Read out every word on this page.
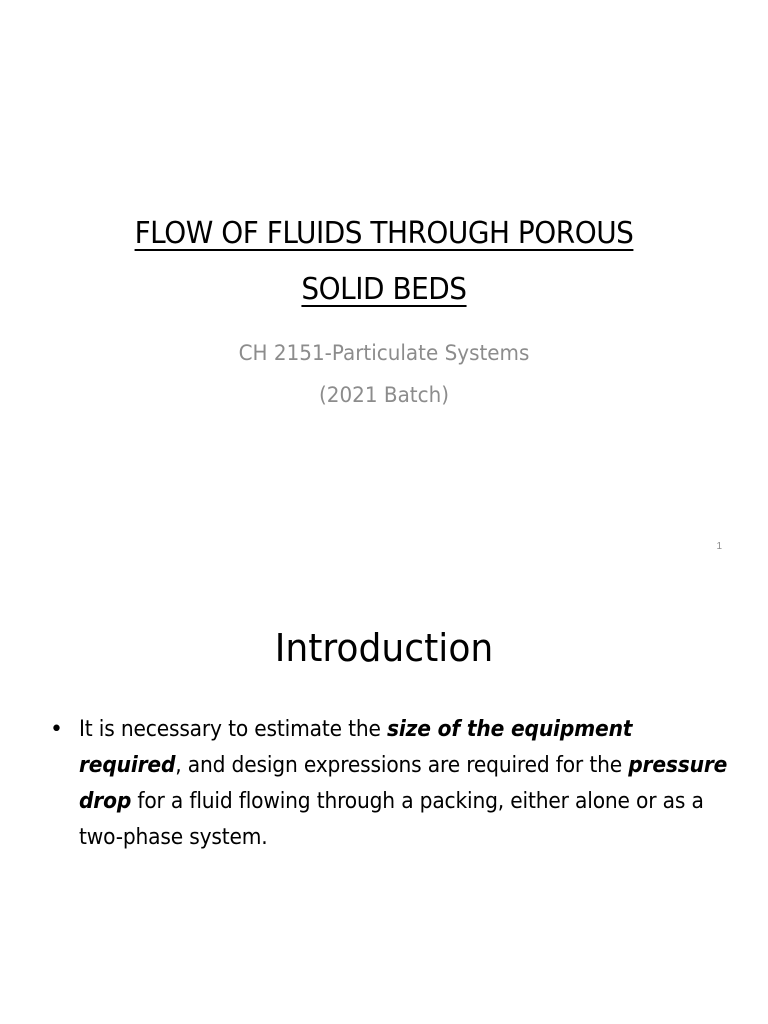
FLOW OF FLUIDS THROUGH POROUS
SOLID BEDS

CH 2151-Particulate Systems

(2021 Batch)

1
Introduction
• It is necessary to estimate the size of the equipment required, and design expressions are required for the pressure drop for a fluid flowing through a packing, either alone or as a two-phase system.
